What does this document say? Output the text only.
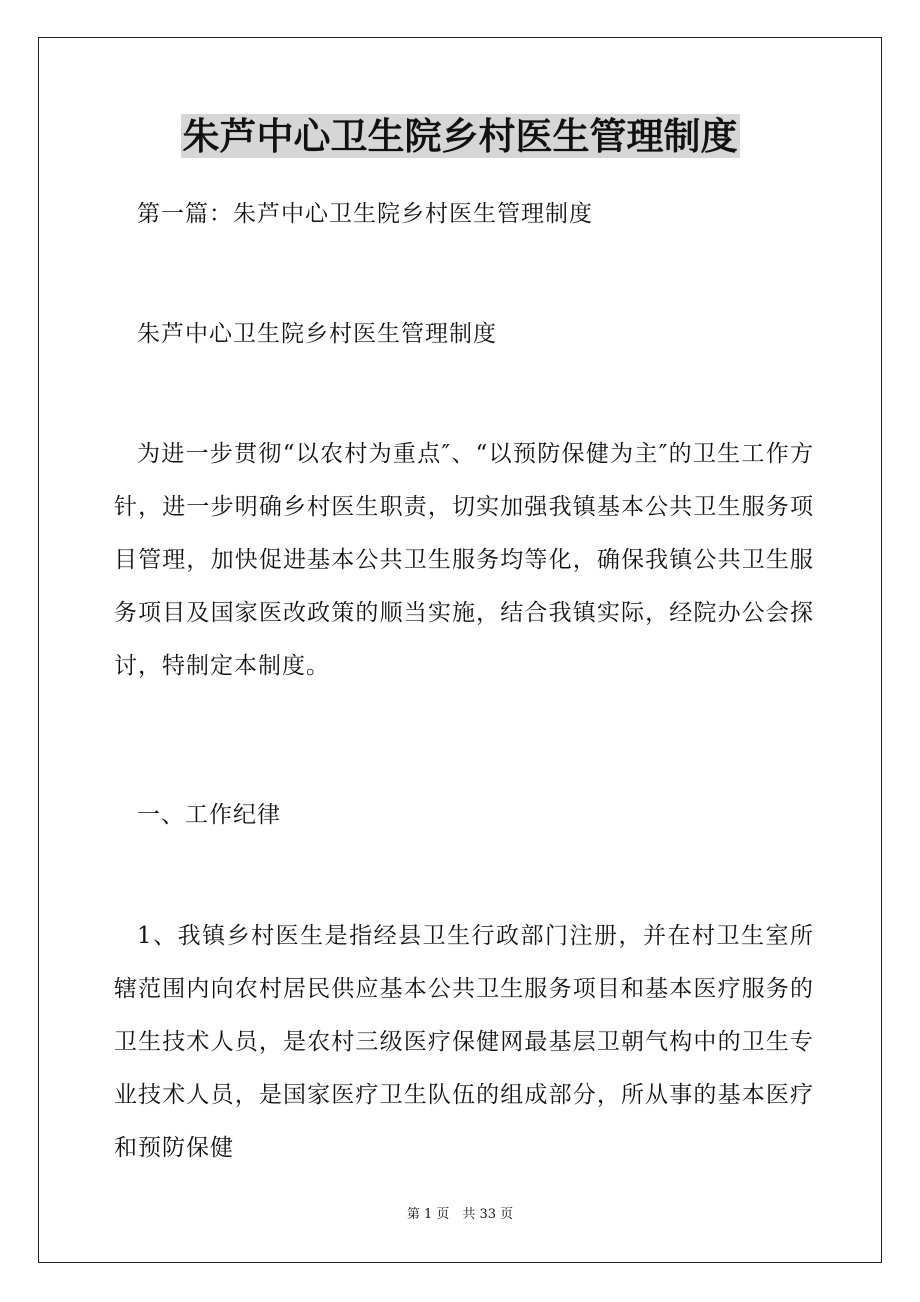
朱芦中心卫生院乡村医生管理制度
第一篇：朱芦中心卫生院乡村医生管理制度
朱芦中心卫生院乡村医生管理制度
为进一步贯彻“以农村为重点″、“以预防保健为主″的卫生工作方针，进一步明确乡村医生职责，切实加强我镇基本公共卫生服务项目管理，加快促进基本公共卫生服务均等化，确保我镇公共卫生服务项目及国家医改政策的顺当实施，结合我镇实际，经院办公会探讨，特制定本制度。
一、工作纪律
1、我镇乡村医生是指经县卫生行政部门注册，并在村卫生室所辖范围内向农村居民供应基本公共卫生服务项目和基本医疗服务的卫生技术人员，是农村三级医疗保健网最基层卫朝气构中的卫生专业技术人员，是国家医疗卫生队伍的组成部分，所从事的基本医疗和预防保健
第 1 页　共 33 页
